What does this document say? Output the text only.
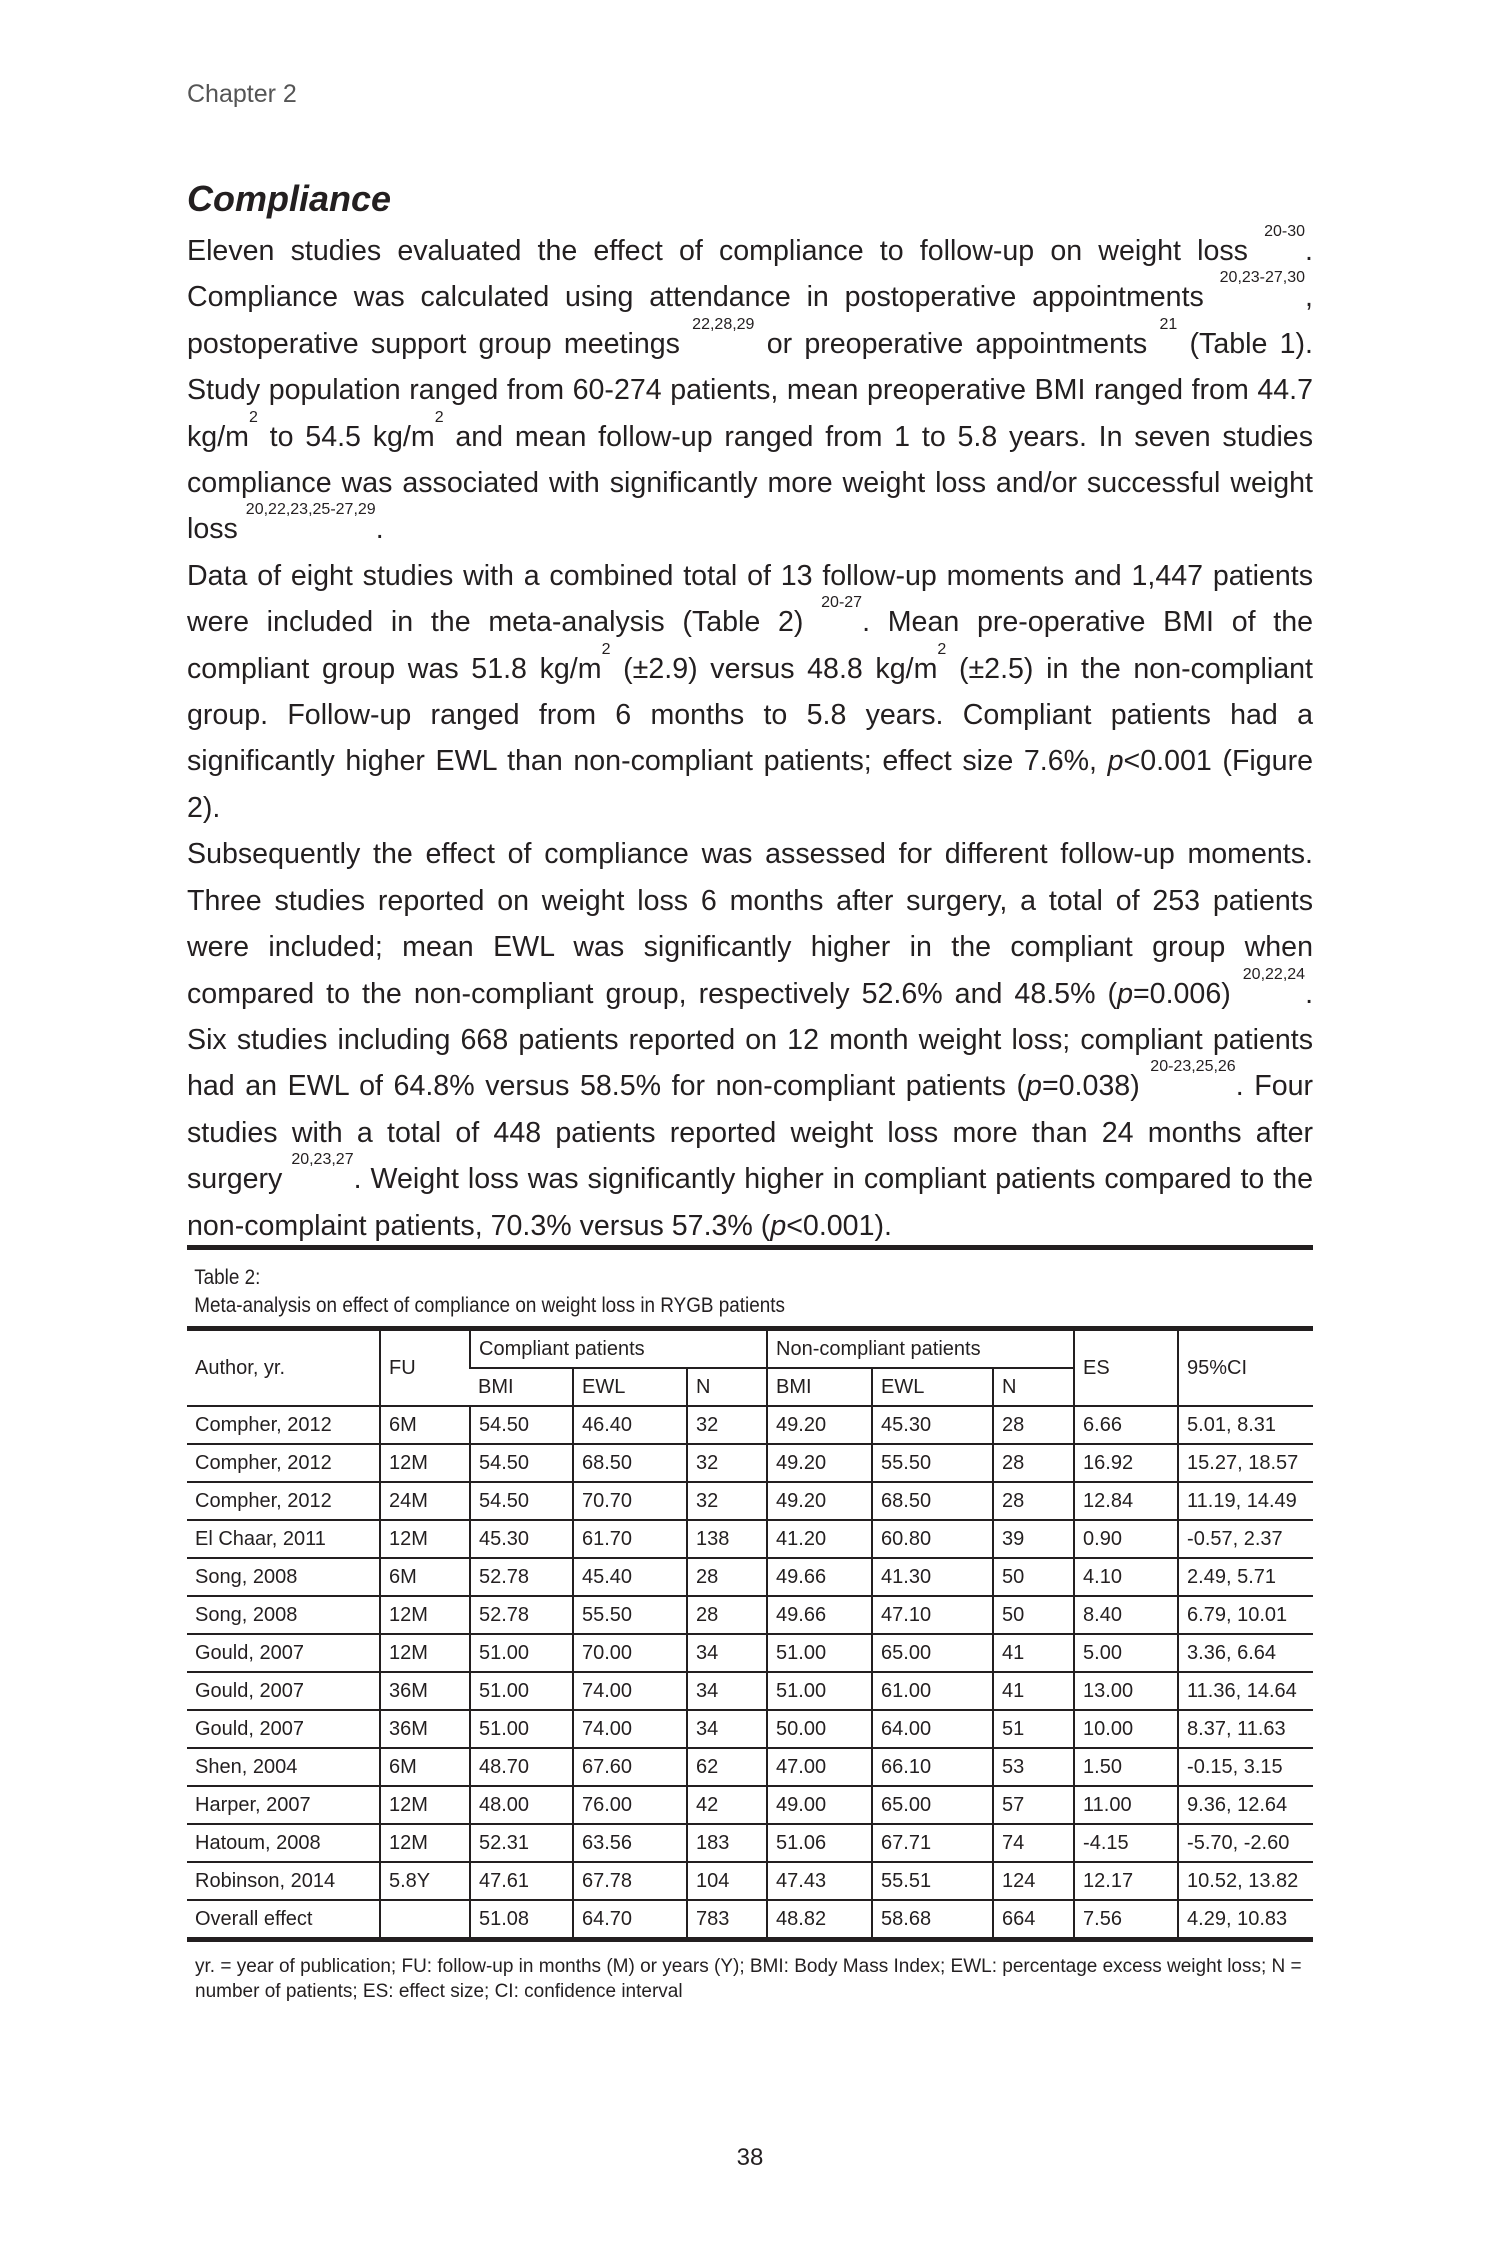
Chapter 2
Compliance

Eleven studies evaluated the effect of compliance to follow-up on weight loss $^{20-30}$. Compliance was calculated using attendance in postoperative appointments $^{20,23-27,30}$, postoperative support group meetings $^{22,28,29}$ or preoperative appointments $^{21}$ (Table 1). Study population ranged from 60-274 patients, mean preoperative BMI ranged from 44.7 $kg/m^2$ to 54.5 $kg/m^2$ and mean follow-up ranged from 1 to 5.8 years. In seven studies compliance was associated with significantly more weight loss and/or successful weight loss $^{20,22,23,25-27,29}$.

Data of eight studies with a combined total of 13 follow-up moments and 1,447 patients were included in the meta-analysis (Table 2) $^{20-27}$. Mean pre-operative BMI of the compliant group was 51.8 $kg/m^2$ (±2.9) versus 48.8 $kg/m^2$ (±2.5) in the non-compliant group. Follow-up ranged from 6 months to 5.8 years. Compliant patients had a significantly higher EWL than non-compliant patients; effect size 7.6%, p<0.001 (Figure 2).

Subsequently the effect of compliance was assessed for different follow-up moments. Three studies reported on weight loss 6 months after surgery, a total of 253 patients were included; mean EWL was significantly higher in the compliant group when compared to the non-compliant group, respectively 52.6% and 48.5% (p=0.006) $^{20,22,24}$. Six studies including 668 patients reported on 12 month weight loss; compliant patients had an EWL of 64.8% versus 58.5% for non-compliant patients (p=0.038) $^{20-23,25,26}$. Four studies with a total of 448 patients reported weight loss more than 24 months after surgery $^{20,23,27}$. Weight loss was significantly higher in compliant patients compared to the non-complaint patients, 70.3% versus 57.3% (p<0.001).

Table 2:
Meta-analysis on effect of compliance on weight loss in RYGB patients
Author, yr.	FU	Compliant patients			Non-compliant patients			ES	95%CI
		BMI	EWL	N	BMI	EWL	N		
Compher, 2012	6M	54.50	46.40	32	49.20	45.30	28	6.66	5.01, 8.31
Compher, 2012	12M	54.50	68.50	32	49.20	55.50	28	16.92	15.27, 18.57
Compher, 2012	24M	54.50	70.70	32	49.20	68.50	28	12.84	11.19, 14.49
El Chaar, 2011	12M	45.30	61.70	138	41.20	60.80	39	0.90	-0.57, 2.37
Song, 2008	6M	52.78	45.40	28	49.66	41.30	50	4.10	2.49, 5.71
Song, 2008	12M	52.78	55.50	28	49.66	47.10	50	8.40	6.79, 10.01
Gould, 2007	12M	51.00	70.00	34	51.00	65.00	41	5.00	3.36, 6.64
Gould, 2007	36M	51.00	74.00	34	51.00	61.00	41	13.00	11.36, 14.64
Gould, 2007	36M	51.00	74.00	34	50.00	64.00	51	10.00	8.37, 11.63
Shen, 2004	6M	48.70	67.60	62	47.00	66.10	53	1.50	-0.15, 3.15
Harper, 2007	12M	48.00	76.00	42	49.00	65.00	57	11.00	9.36, 12.64
Hatoum, 2008	12M	52.31	63.56	183	51.06	67.71	74	-4.15	-5.70, -2.60
Robinson, 2014	5.8Y	47.61	67.78	104	47.43	55.51	124	12.17	10.52, 13.82
Overall effect		51.08	64.70	783	48.82	58.68	664	7.56	4.29, 10.83
yr. = year of publication; FU: follow-up in months (M) or years (Y); BMI: Body Mass Index; EWL: percentage excess weight loss; N = number of patients; ES: effect size; CI: confidence interval
38
